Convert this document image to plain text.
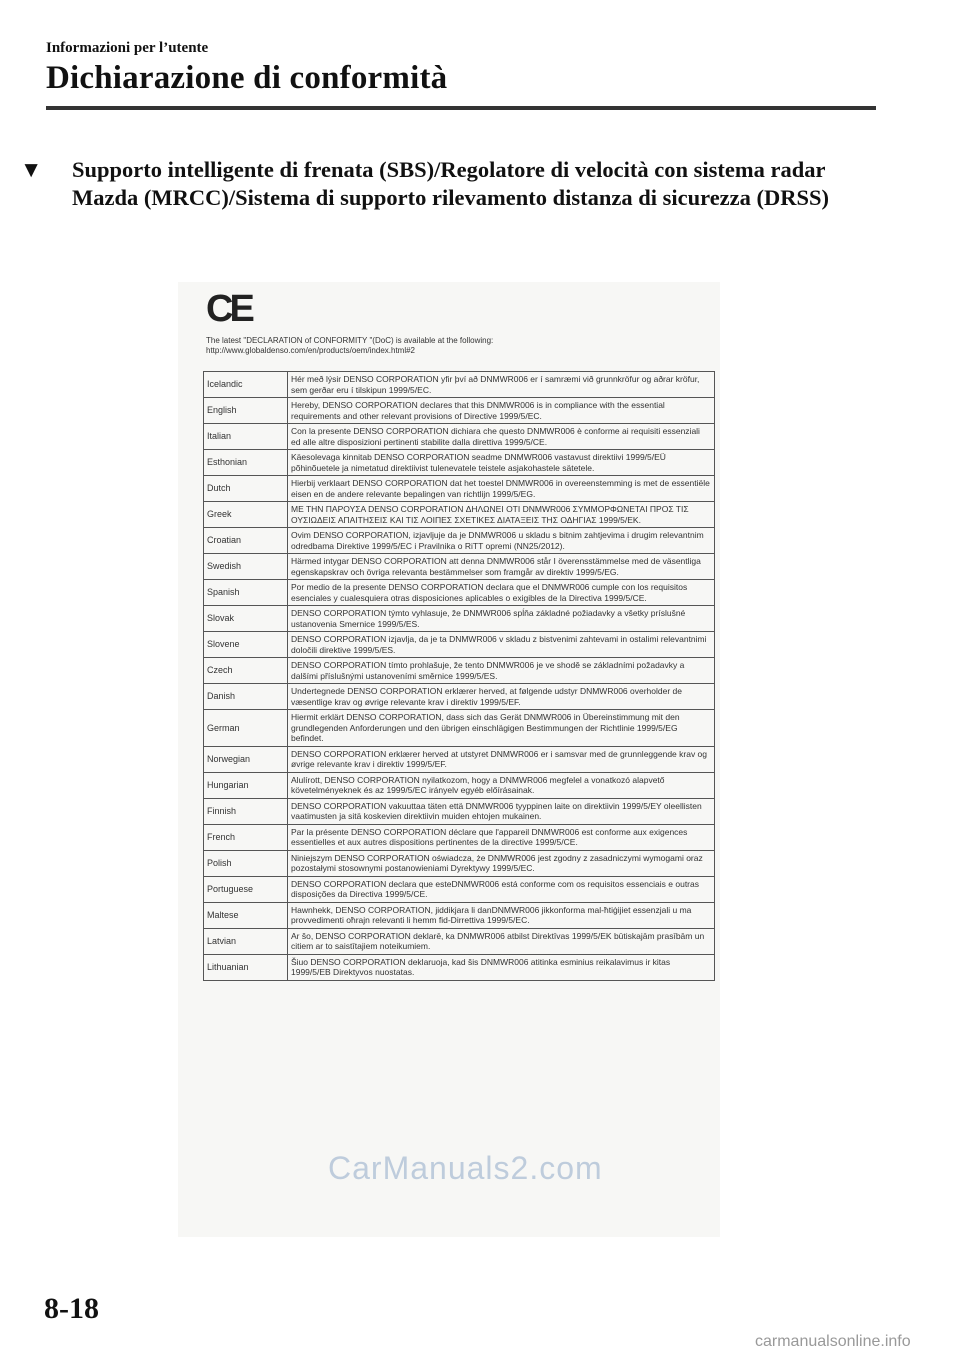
Informazioni per l’utente
Dichiarazione di conformità
▼ Supporto intelligente di frenata (SBS)/Regolatore di velocità con sistema radar Mazda (MRCC)/Sistema di supporto rilevamento distanza di sicurezza (DRSS)
CE
The latest "DECLARATION of CONFORMITY "(DoC) is available at the following:
http://www.globaldenso.com/en/products/oem/index.html#2
Icelandic	Hér með lýsir DENSO CORPORATION yfir því að DNMWR006 er í samræmi við grunnkröfur og aðrar kröfur, sem gerðar eru í tilskipun 1999/5/EC.
English	Hereby, DENSO CORPORATION declares that this DNMWR006 is in compliance with the essential requirements and other relevant provisions of Directive 1999/5/EC.
Italian	Con la presente DENSO CORPORATION dichiara che questo DNMWR006 è conforme ai requisiti essenziali ed alle altre disposizioni pertinenti stabilite dalla direttiva 1999/5/CE.
Esthonian	Käesolevaga kinnitab DENSO CORPORATION seadme DNMWR006 vastavust direktiivi 1999/5/EÜ põhinõuetele ja nimetatud direktiivist tulenevatele teistele asjakohastele sätetele.
Dutch	Hierbij verklaart DENSO CORPORATION dat het toestel DNMWR006 in overeenstemming is met de essentiële eisen en de andere relevante bepalingen van richtlijn 1999/5/EG.
Greek	ΜΕ ΤΗΝ ΠΑΡΟΥΣΑ DENSO CORPORATION ΔΗΛΩΝΕΙ ΟΤΙ DNMWR006 ΣΥΜΜΟΡΦΩΝΕΤΑΙ ΠΡΟΣ ΤΙΣ ΟΥΣΙΩΔΕΙΣ ΑΠΑΙΤΗΣΕΙΣ ΚΑΙ ΤΙΣ ΛΟΙΠΕΣ ΣΧΕΤΙΚΕΣ ΔΙΑΤΑΞΕΙΣ ΤΗΣ ΟΔΗΓΙΑΣ 1999/5/ΕΚ.
Croatian	Ovim DENSO CORPORATION, izjavljuje da je DNMWR006 u skladu s bitnim zahtjevima i drugim relevantnim odredbama Direktive 1999/5/EC i Pravilnika o RiTT opremi (NN25/2012).
Swedish	Härmed intygar DENSO CORPORATION att denna DNMWR006 står I överensstämmelse med de väsentliga egenskapskrav och övriga relevanta bestämmelser som framgår av direktiv 1999/5/EG.
Spanish	Por medio de la presente DENSO CORPORATION declara que el DNMWR006 cumple con los requisitos esenciales y cualesquiera otras disposiciones aplicables o exigibles de la Directiva 1999/5/CE.
Slovak	DENSO CORPORATION týmto vyhlasuje, že DNMWR006 spĺňa základné požiadavky a všetky príslušné ustanovenia Smernice 1999/5/ES.
Slovene	DENSO CORPORATION izjavlja, da je ta DNMWR006 v skladu z bistvenimi zahtevami in ostalimi relevantnimi določili direktive 1999/5/ES.
Czech	DENSO CORPORATION tímto prohlašuje, že tento DNMWR006 je ve shodě se základními požadavky a dalšími příslušnými ustanoveními směrnice 1999/5/ES.
Danish	Undertegnede DENSO CORPORATION erklærer herved, at følgende udstyr DNMWR006 overholder de væsentlige krav og øvrige relevante krav i direktiv 1999/5/EF.
German	Hiermit erklärt DENSO CORPORATION, dass sich das Gerät DNMWR006 in Übereinstimmung mit den grundlegenden Anforderungen und den übrigen einschlägigen Bestimmungen der Richtlinie 1999/5/EG befindet.
Norwegian	DENSO CORPORATION erklærer herved at utstyret DNMWR006 er i samsvar med de grunnleggende krav og øvrige relevante krav i direktiv 1999/5/EF.
Hungarian	Alulírott, DENSO CORPORATION nyilatkozom, hogy a DNMWR006 megfelel a vonatkozó alapvető követelményeknek és az 1999/5/EC irányelv egyéb előírásainak.
Finnish	DENSO CORPORATION vakuuttaa täten että DNMWR006 tyyppinen laite on direktiivin 1999/5/EY oleellisten vaatimusten ja sitä koskevien direktiivin muiden ehtojen mukainen.
French	Par la présente DENSO CORPORATION déclare que l'appareil DNMWR006 est conforme aux exigences essentielles et aux autres dispositions pertinentes de la directive 1999/5/CE.
Polish	Niniejszym DENSO CORPORATION oświadcza, że DNMWR006 jest zgodny z zasadniczymi wymogami oraz pozostałymi stosownymi postanowieniami Dyrektywy 1999/5/EC.
Portuguese	DENSO CORPORATION declara que esteDNMWR006 está conforme com os requisitos essenciais e outras disposições da Directiva 1999/5/CE.
Maltese	Hawnhekk, DENSO CORPORATION, jiddikjara li danDNMWR006 jikkonforma mal-ħtiġijiet essenzjali u ma provvedimenti oħrajn relevanti li hemm fid-Dirrettiva 1999/5/EC.
Latvian	Ar šo, DENSO CORPORATION deklarē, ka DNMWR006 atbilst Direktīvas 1999/5/EK būtiskajām prasībām un citiem ar to saistītajiem noteikumiem.
Lithuanian	Šiuo DENSO CORPORATION deklaruoja, kad šis DNMWR006 atitinka esminius reikalavimus ir kitas 1999/5/EB Direktyvos nuostatas.
CarManuals2.com
8-18
carmanualsonline.info
